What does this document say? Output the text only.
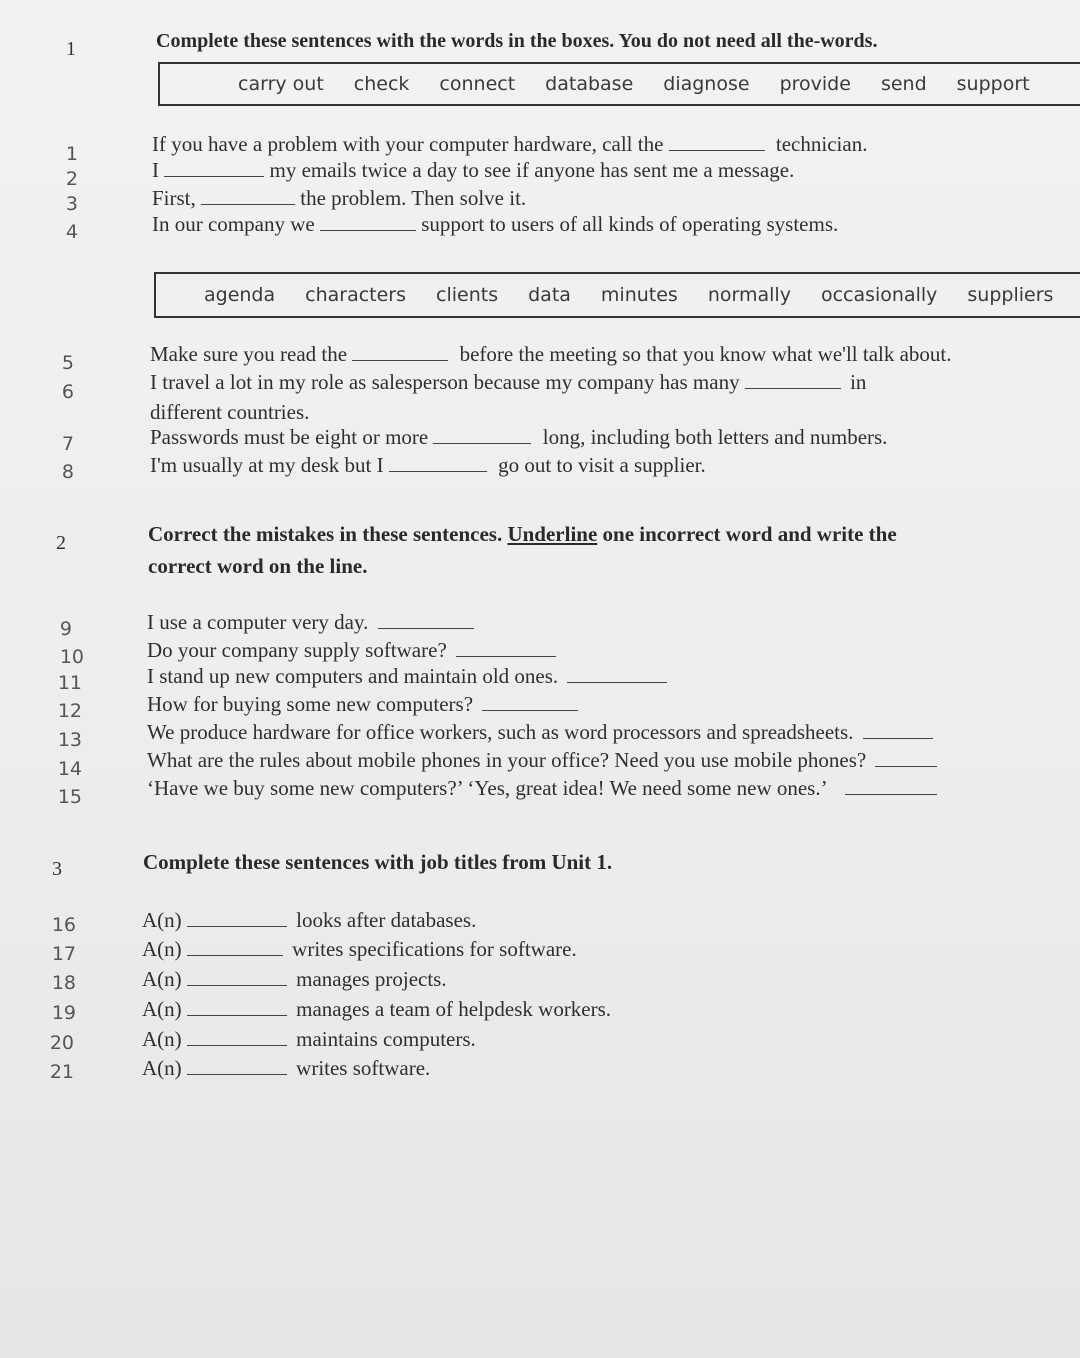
1	Complete these sentences with the words in the boxes. You do not need all the-words.
carry out check connect database diagnose provide send support
1	If you have a problem with your computer hardware, call the	technician.
2	I	my emails twice a day to see if anyone has sent me a message.
3	First,	the problem. Then solve it.
4	In our company we	support to users of all kinds of operating systems.
agenda characters clients data minutes normally occasionally suppliers
5	Make sure you read the	before the meeting so that you know what we'll talk about.
6	I travel a lot in my role as salesperson because my company has many	in
different countries.
7	Passwords must be eight or more	long, including both letters and numbers.
8	I'm usually at my desk but I	go out to visit a supplier.
2	Correct the mistakes in these sentences. Underline one incorrect word and write the
correct word on the line.
9	I use a computer very day.
10	Do your company supply software?
11	I stand up new computers and maintain old ones.
12	How for buying some new computers?
13	We produce hardware for office workers, such as word processors and spreadsheets.
14	What are the rules about mobile phones in your office? Need you use mobile phones?
15	‘Have we buy some new computers?’ ‘Yes, great idea! We need some new ones.’
3	Complete these sentences with job titles from Unit 1.
16	A(n)	looks after databases.
17	A(n)	writes specifications for software.
18	A(n)	manages projects.
19	A(n)	manages a team of helpdesk workers.
20	A(n)	maintains computers.
21	A(n)	writes software.
